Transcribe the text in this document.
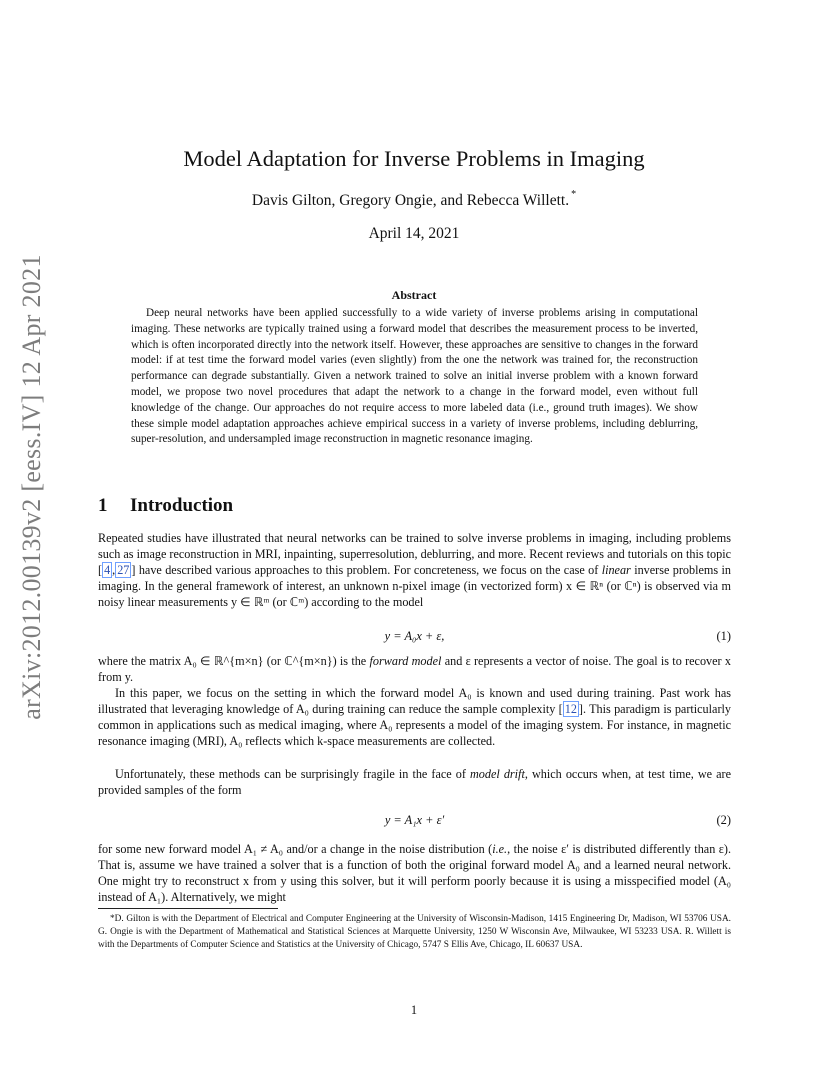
arXiv:2012.00139v2 [eess.IV] 12 Apr 2021
Model Adaptation for Inverse Problems in Imaging
Davis Gilton, Gregory Ongie, and Rebecca Willett. *
April 14, 2021
Abstract

Deep neural networks have been applied successfully to a wide variety of inverse problems arising in computational imaging. These networks are typically trained using a forward model that describes the measurement process to be inverted, which is often incorporated directly into the network itself. However, these approaches are sensitive to changes in the forward model: if at test time the forward model varies (even slightly) from the one the network was trained for, the reconstruction performance can degrade substantially. Given a network trained to solve an initial inverse problem with a known forward model, we propose two novel procedures that adapt the network to a change in the forward model, even without full knowledge of the change. Our approaches do not require access to more labeled data (i.e., ground truth images). We show these simple model adaptation approaches achieve empirical success in a variety of inverse problems, including deblurring, super-resolution, and undersampled image reconstruction in magnetic resonance imaging.

1 Introduction

Repeated studies have illustrated that neural networks can be trained to solve inverse problems in imaging, including problems such as image reconstruction in MRI, inpainting, superresolution, deblurring, and more. Recent reviews and tutorials on this topic [ 4 , 27 ] have described various approaches to this problem. For concreteness, we focus on the case of linear inverse problems in imaging. In the general framework of interest, an unknown n-pixel image (in vectorized form) x ∈ ℝⁿ (or ℂⁿ) is observed via m noisy linear measurements y ∈ ℝᵐ (or ℂᵐ) according to the model

y = A₀x + ε,	(1)

where the matrix A₀ ∈ ℝ^{m×n} (or ℂ^{m×n}) is the forward model and ε represents a vector of noise. The goal is to recover x from y.

In this paper, we focus on the setting in which the forward model A₀ is known and used during training. Past work has illustrated that leveraging knowledge of A₀ during training can reduce the sample complexity [ 12 ]. This paradigm is particularly common in applications such as medical imaging, where A₀ represents a model of the imaging system. For instance, in magnetic resonance imaging (MRI), A₀ reflects which k-space measurements are collected.

Unfortunately, these methods can be surprisingly fragile in the face of model drift, which occurs when, at test time, we are provided samples of the form

y = A₁x + ε′	(2)

for some new forward model A₁ ≠ A₀ and/or a change in the noise distribution (i.e., the noise ε′ is distributed differently than ε). That is, assume we have trained a solver that is a function of both the original forward model A₀ and a learned neural network. One might try to reconstruct x from y using this solver, but it will perform poorly because it is using a misspecified model (A₀ instead of A₁). Alternatively, we might

*D. Gilton is with the Department of Electrical and Computer Engineering at the University of Wisconsin-Madison, 1415 Engineering Dr, Madison, WI 53706 USA. G. Ongie is with the Department of Mathematical and Statistical Sciences at Marquette University, 1250 W Wisconsin Ave, Milwaukee, WI 53233 USA. R. Willett is with the Departments of Computer Science and Statistics at the University of Chicago, 5747 S Ellis Ave, Chicago, IL 60637 USA.

1
